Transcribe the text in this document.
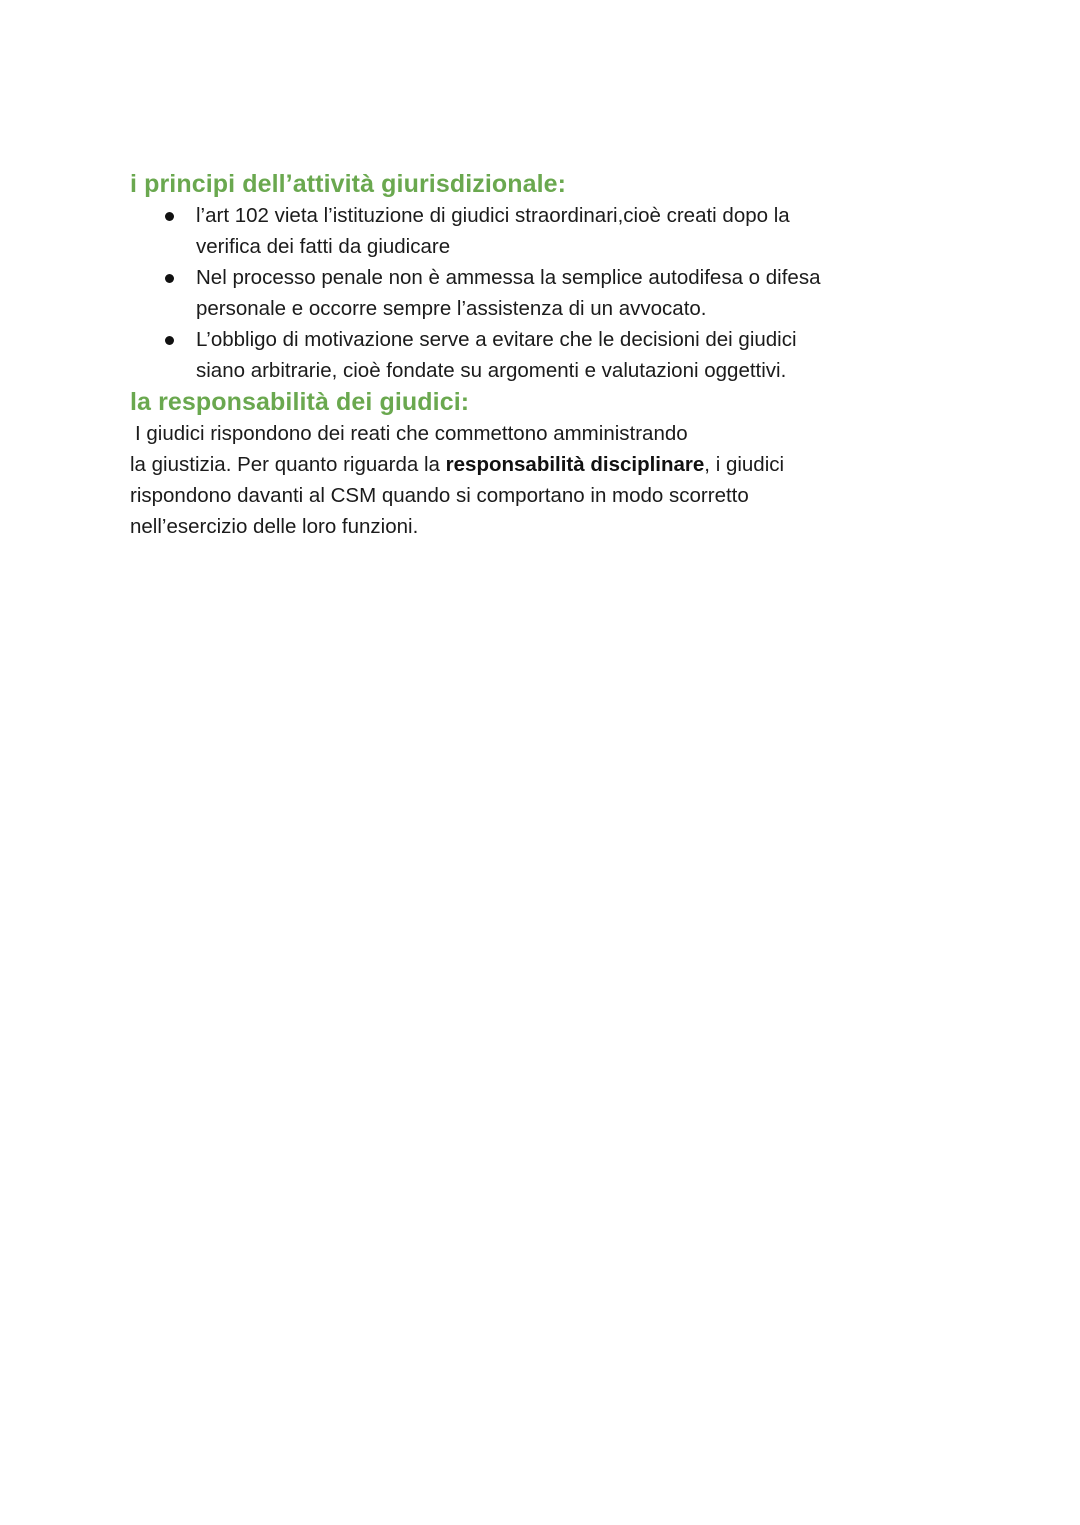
i principi dell’attività giurisdizionale:
l’art 102 vieta l’istituzione di giudici straordinari,cioè creati dopo la
verifica dei fatti da giudicare
Nel processo penale non è ammessa la semplice autodifesa o difesa
personale e occorre sempre l’assistenza di un avvocato.
L’obbligo di motivazione serve a evitare che le decisioni dei giudici
siano arbitrarie, cioè fondate su argomenti e valutazioni oggettivi.
la responsabilità dei giudici:

I giudici rispondono dei reati che commettono amministrando
la giustizia. Per quanto riguarda la responsabilità disciplinare, i giudici
rispondono davanti al CSM quando si comportano in modo scorretto
nell’esercizio delle loro funzioni.
